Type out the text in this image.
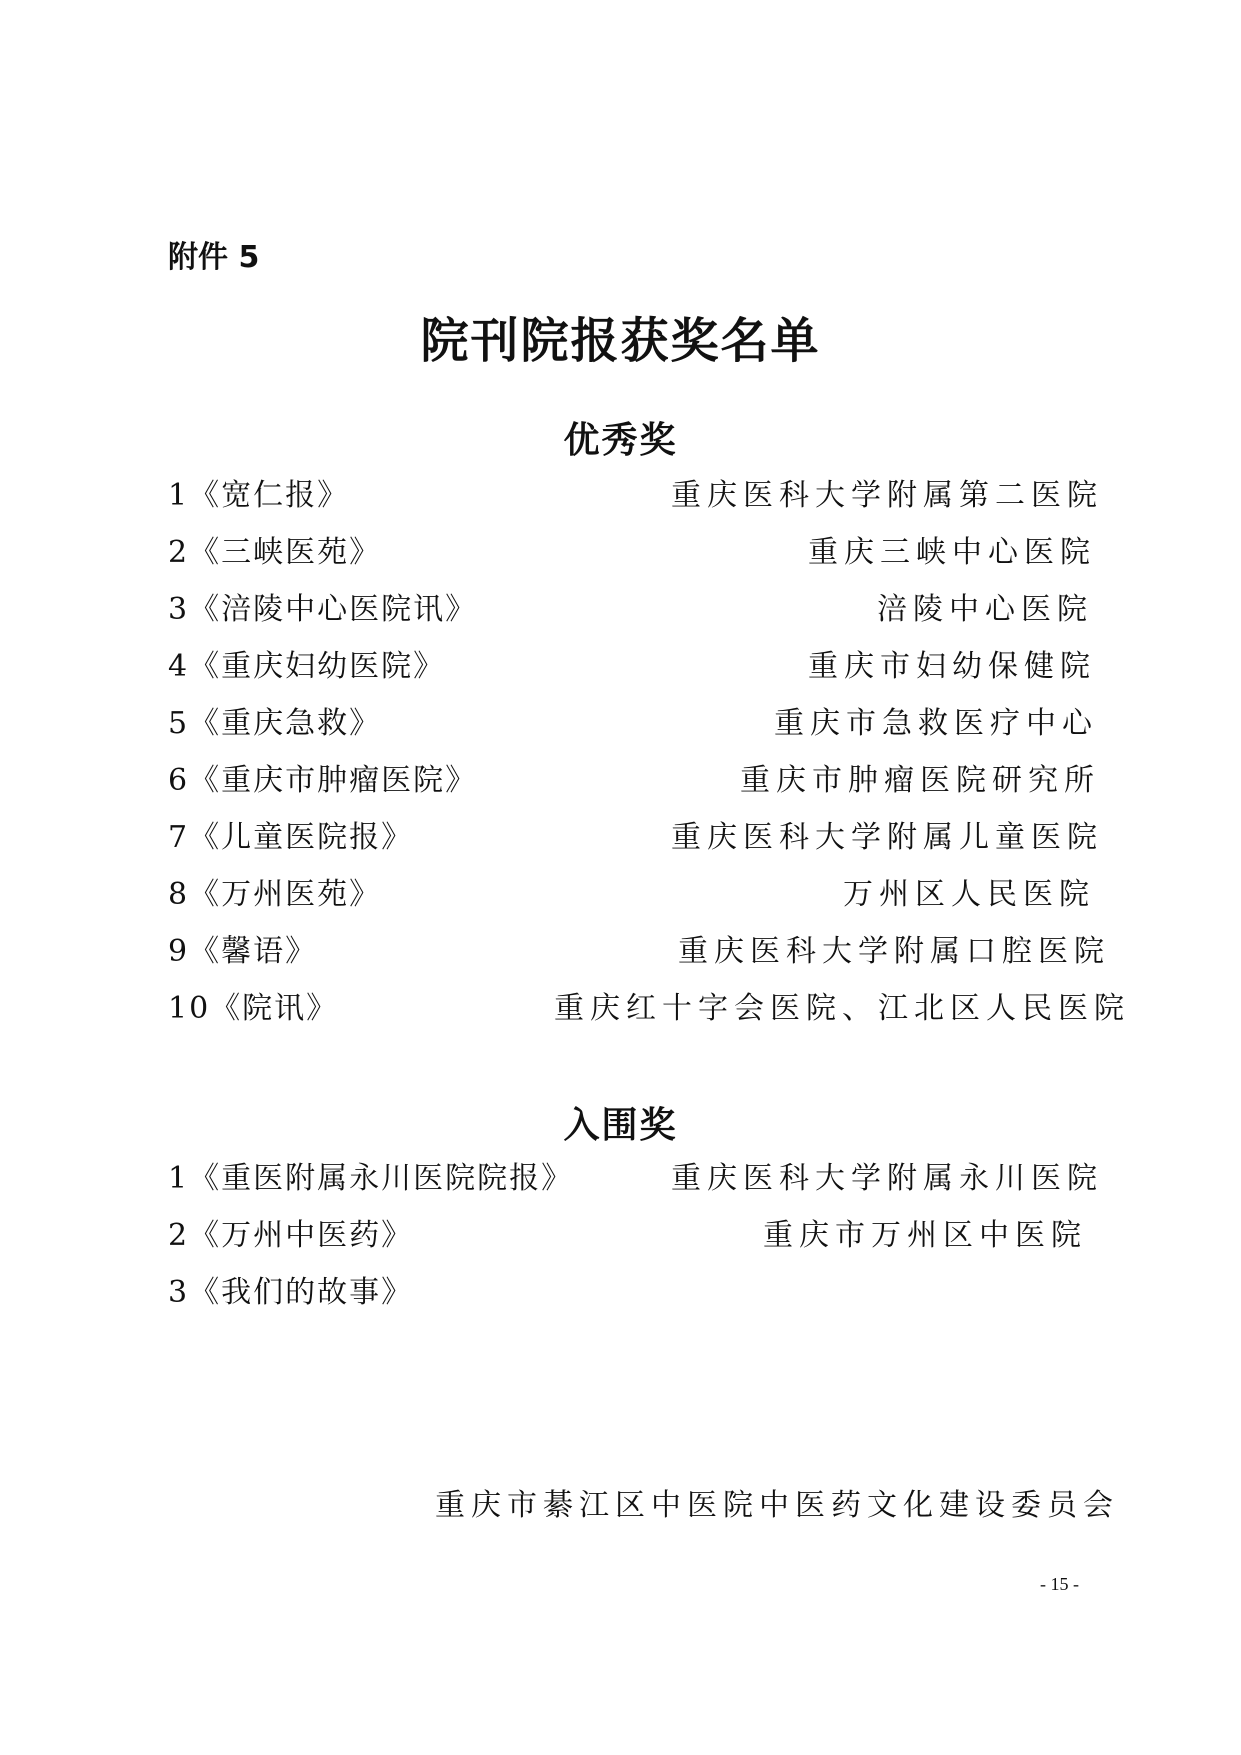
附件 5
院刊院报获奖名单
优秀奖
1《宽仁报》	重庆医科大学附属第二医院
2《三峡医苑》	重庆三峡中心医院
3《涪陵中心医院讯》	涪陵中心医院
4《重庆妇幼医院》	重庆市妇幼保健院
5《重庆急救》	重庆市急救医疗中心
6《重庆市肿瘤医院》	重庆市肿瘤医院研究所
7《儿童医院报》	重庆医科大学附属儿童医院
8《万州医苑》	万州区人民医院
9《馨语》	重庆医科大学附属口腔医院
10《院讯》	重庆红十字会医院、江北区人民医院
入围奖
1《重医附属永川医院院报》	重庆医科大学附属永川医院
2《万州中医药》	重庆市万州区中医院
3《我们的故事》
重庆市綦江区中医院中医药文化建设委员会
- 15 -
